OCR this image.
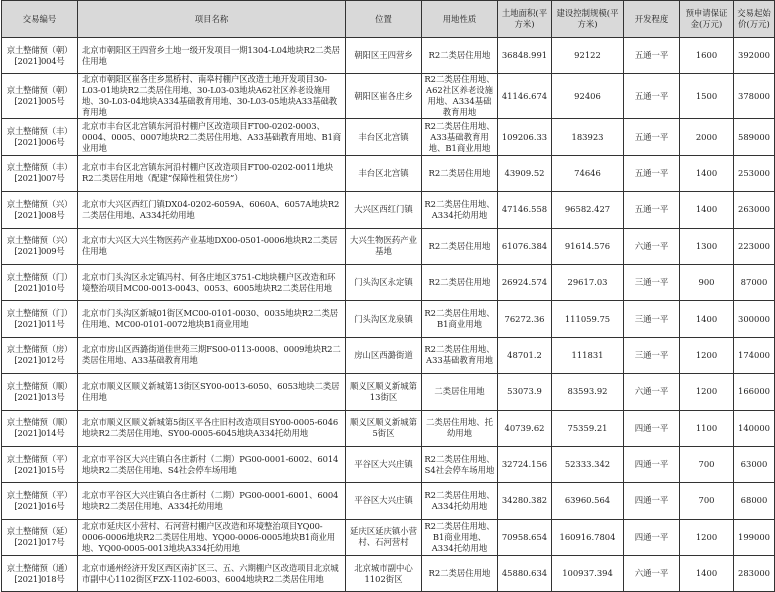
交易编号	项目名称	位置	用地性质	土地面积(平方米)	建设控制规模(平方米)	开发程度	预申请保证金(万元)	交易起始价(万元)
京土整储预（朝）[2021]004号	北京市朝阳区王四营乡土地一级开发项目一期1304-L04地块R2二类居住用地	朝阳区王四营乡	R2二类居住用地	36848.991	92122	五通一平	1600	392000
京土整储预（朝）[2021]005号	北京市朝阳区崔各庄乡黑桥村、南皋村棚户区改造土地开发项目30-L03-01地块R2二类居住用地、30-L03-03地块A62社区养老设施用地、30-L03-04地块A334基础教育用地、30-L03-05地块A33基础教育用地	朝阳区崔各庄乡	R2二类居住用地、A62社区养老设施用地、A334基础教育用地	41146.674	92406	五通一平	1500	378000
京土整储预（丰）[2021]006号	北京市丰台区北宫镇东河沿村棚户区改造项目FT00-0202-0003、0004、0005、0007地块R2二类居住用地、A33基础教育用地、B1商业用地	丰台区北宫镇	R2二类居住用地、A33基础教育用地、B1商业用地	109206.33	183923	五通一平	2000	589000
京土整储预（丰）[2021]007号	北京市丰台区北宫镇东河沿村棚户区改造项目FT00-0202-0011地块R2二类居住用地（配建“保障性租赁住房”）	丰台区北宫镇	R2二类居住用地	43909.52	74646	五通一平	1400	253000
京土整储预（兴）[2021]008号	北京市大兴区西红门镇DX04-0202-6059A、6060A、6057A地块R2二类居住用地、A334托幼用地	大兴区西红门镇	R2二类居住用地、A334托幼用地	47146.558	96582.427	五通一平	1400	263000
京土整储预（兴）[2021]009号	北京市大兴区大兴生物医药产业基地DX00-0501-0006地块R2二类居住用地	大兴生物医药产业基地	R2二类居住用地	61076.384	91614.576	六通一平	1300	223000
京土整储预（门）[2021]010号	北京市门头沟区永定镇冯村、何各庄地区3751-C地块棚户区改造和环境整治项目MC00-0013-0043、0053、6005地块R2二类居住用地	门头沟区永定镇	R2二类居住用地	26924.574	29617.03	三通一平	900	87000
京土整储预（门）[2021]011号	北京市门头沟区新城01街区MC00-0101-0030、0035地块R2二类居住用地、MC00-0101-0072地块B1商业用地	门头沟区龙泉镇	R2二类居住用地、B1商业用地	76272.36	111059.75	三通一平	1400	300000
京土整储预（房）[2021]012号	北京市房山区西潞街道佳世苑三期FS00-0113-0008、0009地块R2二类居住用地、A33基础教育用地	房山区西潞街道	R2二类居住用地、A33基础教育用地	48701.2	111831	三通一平	1200	174000
京土整储预（顺）[2021]013号	北京市顺义区顺义新城第13街区SY00-0013-6050、6053地块二类居住用地	顺义区顺义新城第13街区	二类居住用地	53073.9	83593.92	六通一平	1200	166000
京土整储预（顺）[2021]014号	北京市顺义区顺义新城第5街区平各庄旧村改造项目SY00-0005-6046地块R2二类居住用地、SY00-0005-6045地块A334托幼用地	顺义区顺义新城第5街区	二类居住用地、托幼用地	40739.62	75359.21	四通一平	1100	140000
京土整储预（平）[2021]015号	北京市平谷区大兴庄镇白各庄新村（二期）PG00-0001-6002、6014地块R2二类居住用地、S4社会停车场用地	平谷区大兴庄镇	R2二类居住用地、S4社会停车场用地	32724.156	52333.342	四通一平	700	63000
京土整储预（平）[2021]016号	北京市平谷区大兴庄镇白各庄新村（二期）PG00-0001-6001、6004地块R2二类居住用地、A334托幼用地	平谷区大兴庄镇	R2二类居住用地、A334托幼用地	34280.382	63960.564	四通一平	700	68000
京土整储预（延）[2021]017号	北京市延庆区小营村、石河营村棚户区改造和环境整治项目YQ00-0006-0006地块R2二类居住用地、YQ00-0006-0005地块B1商业用地、YQ00-0005-0013地块A334托幼用地	延庆区延庆镇小营村、石河营村	R2二类居住用地、B1商业用地、A334托幼用地	70958.654	160916.7804	四通一平	1200	199000
京土整储预（通）[2021]018号	北京市通州经济开发区西区南扩区三、五、六期棚户区改造项目北京城市副中心1102街区FZX-1102-6003、6004地块R2二类居住用地	北京城市副中心1102街区	R2二类居住用地	45880.634	100937.394	六通一平	1400	283000
